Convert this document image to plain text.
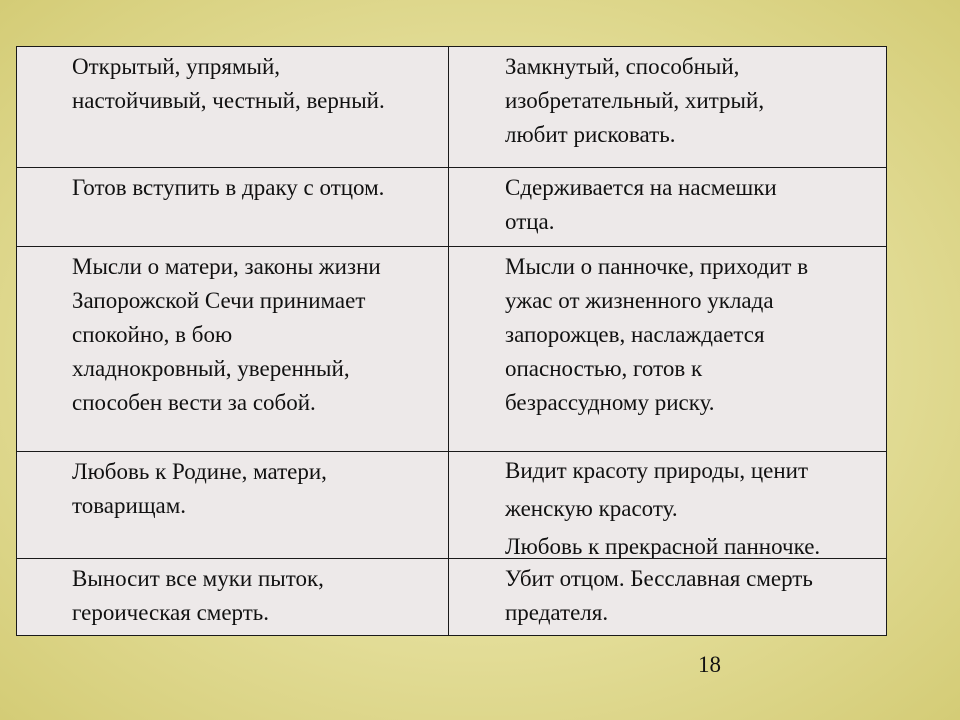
Открытый, упрямый,
настойчивый, честный, верный.
Замкнутый, способный,
изобретательный, хитрый,
любит рисковать.
Готов вступить в драку с отцом.	Сдерживается на насмешки
отца.
Мысли о матери, законы жизни
Запорожской Сечи принимает
спокойно, в бою
хладнокровный, уверенный,
способен вести за собой.
Мысли о панночке, приходит в
ужас от жизненного уклада
запорожцев, наслаждается
опасностью, готов к
безрассудному риску.
Любовь к Родине, матери,
товарищам.
Видит красоту природы, ценит
женскую красоту.
Любовь к прекрасной панночке.
Выносит все муки пыток,
героическая смерть.
Убит отцом. Бесславная смерть
предателя.
18
